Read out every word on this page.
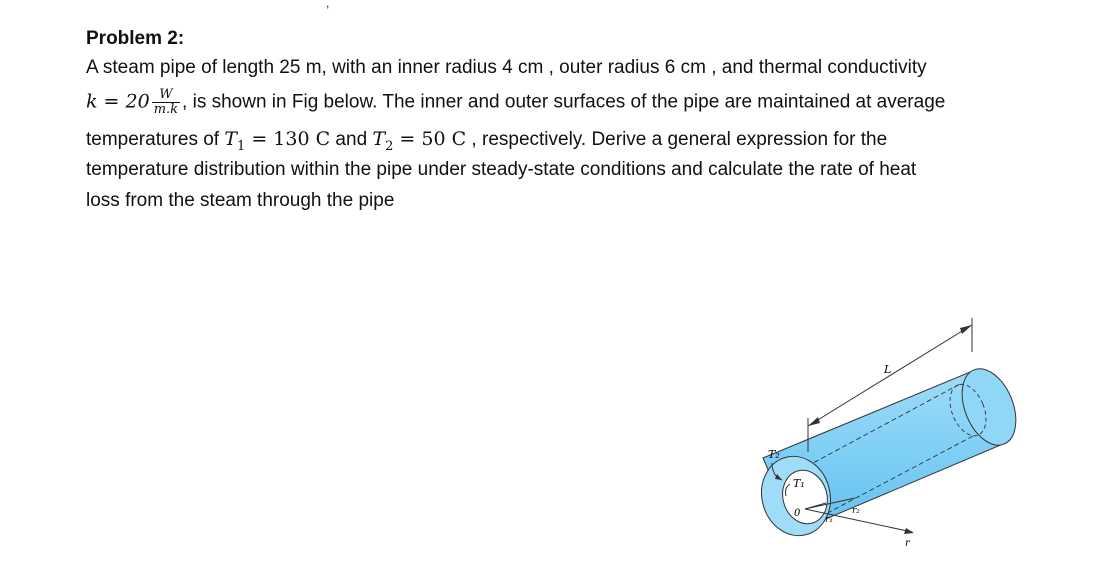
,
Problem 2:
A steam pipe of length 25 m, with an inner radius 4 cm , outer radius 6 cm , and thermal conductivity
$k = 20 \frac{W}{m.k}$ , is shown in Fig below. The inner and outer surfaces of the pipe are maintained at average
temperatures of $T_1 = 130$ C and $T_2 = 50$ C , respectively. Derive a general expression for the
temperature distribution within the pipe under steady-state conditions and calculate the rate of heat
loss from the steam through the pipe
L
T₂
T₁
0
r₁
r₂
r
